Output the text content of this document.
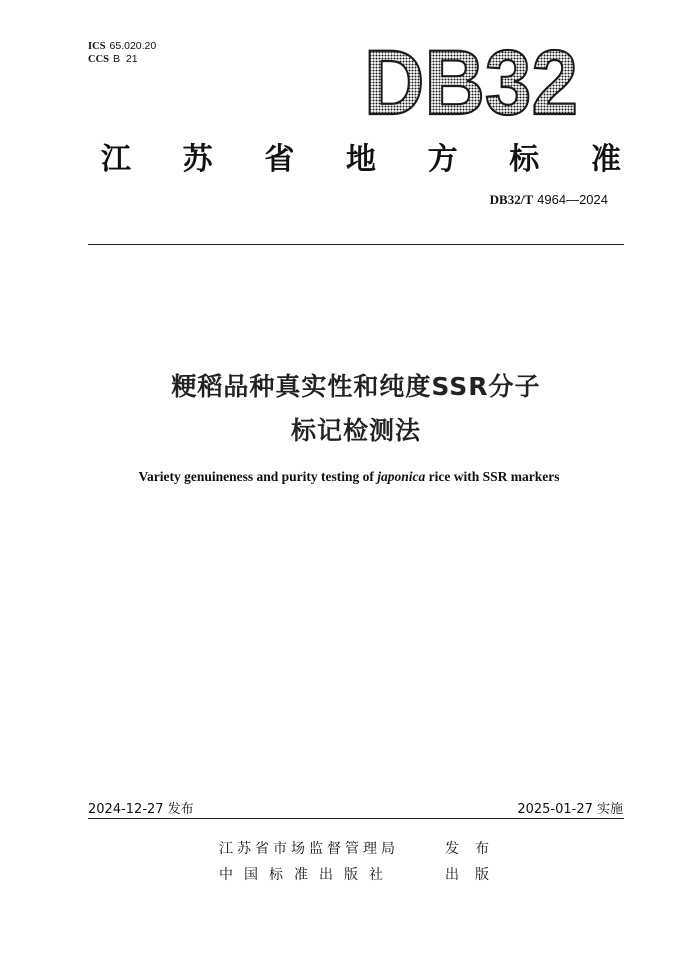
ICS 65.020.20
CCS B  21 DB32
江 苏 省 地 方 标 准
DB32/T 4964—2024
粳稻品种真实性和纯度SSR分子
标记检测法
Variety genuineness and purity testing of japonica rice with SSR markers
2024-12-27 发布	2025-01-27 实施
江苏省市场监督管理局	发布
中国标准出版社	出版
